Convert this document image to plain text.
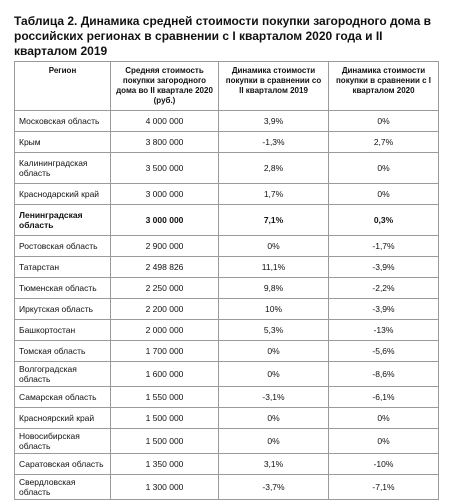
Таблица 2. Динамика средней стоимости покупки загородного дома в российских регионах в сравнении с I кварталом 2020 года и II кварталом 2019
Регион	Средняя стоимость покупки загородного дома во II квартале 2020 (руб.)	Динамика стоимости покупки в сравнении со II кварталом 2019	Динамика стоимости покупки в сравнении с I кварталом 2020
Московская область	4 000 000	3,9%	0%
Крым	3 800 000	-1,3%	2,7%
Калининградская область	3 500 000	2,8%	0%
Краснодарский край	3 000 000	1,7%	0%
Ленинградская область	3 000 000	7,1%	0,3%
Ростовская область	2 900 000	0%	-1,7%
Татарстан	2 498 826	11,1%	-3,9%
Тюменская область	2 250 000	9,8%	-2,2%
Иркутская область	2 200 000	10%	-3,9%
Башкортостан	2 000 000	5,3%	-13%
Томская область	1 700 000	0%	-5,6%
Волгоградская область	1 600 000	0%	-8,6%
Самарская область	1 550 000	-3,1%	-6,1%
Красноярский край	1 500 000	0%	0%
Новосибирская область	1 500 000	0%	0%
Саратовская область	1 350 000	3,1%	-10%
Свердловская область	1 300 000	-3,7%	-7,1%
